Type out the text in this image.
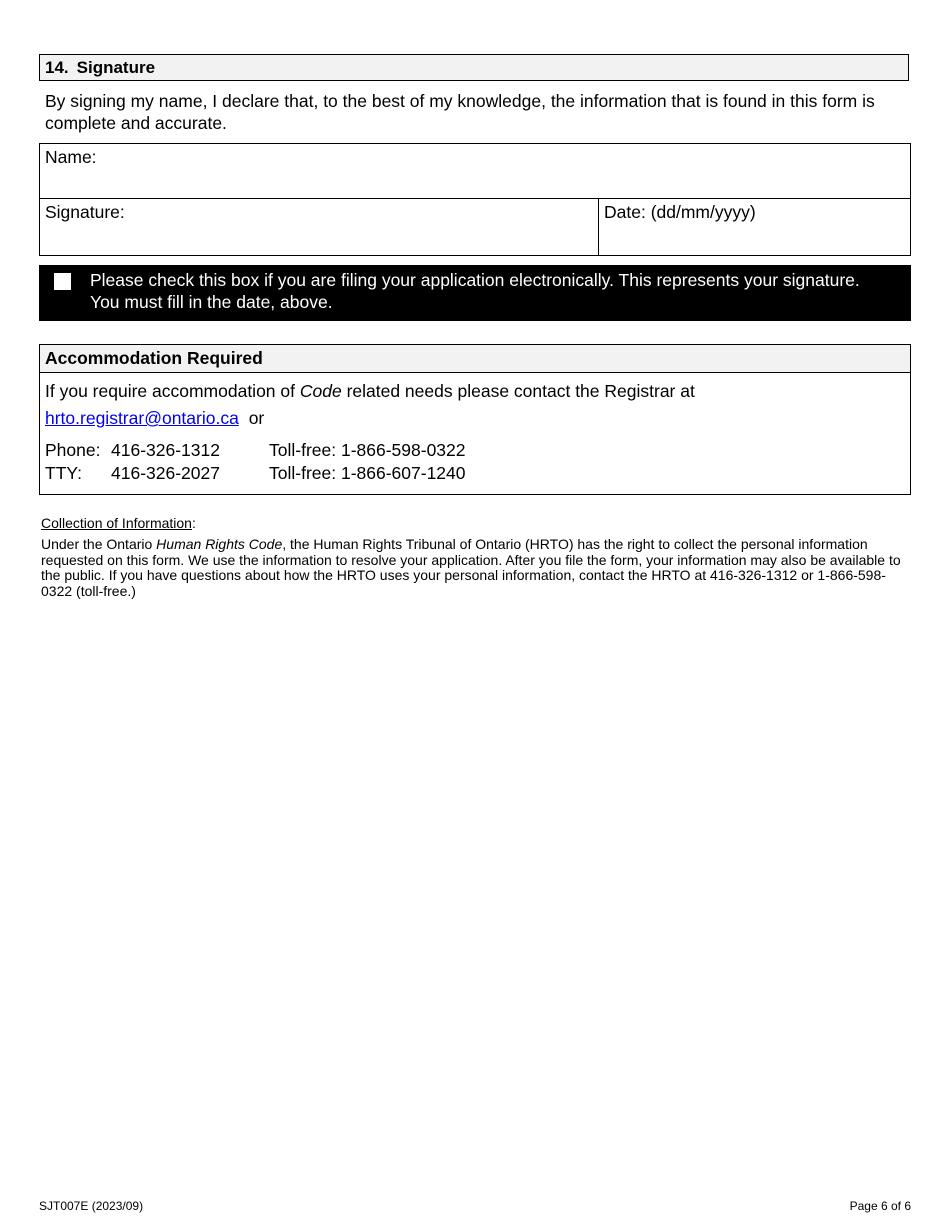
14. Signature
By signing my name, I declare that, to the best of my knowledge, the information that is found in this form is complete and accurate.
Name:
Signature:	Date: (dd/mm/yyyy)
Please check this box if you are filing your application electronically. This represents your signature. You must fill in the date, above.
Accommodation Required
If you require accommodation of Code related needs please contact the Registrar at
hrto.registrar@ontario.ca or
Phone: 416-326-1312	Toll-free: 1-866-598-0322
TTY: 416-326-2027	Toll-free: 1-866-607-1240
Collection of Information:
Under the Ontario Human Rights Code, the Human Rights Tribunal of Ontario (HRTO) has the right to collect the personal information requested on this form. We use the information to resolve your application. After you file the form, your information may also be available to the public. If you have questions about how the HRTO uses your personal information, contact the HRTO at 416-326-1312 or 1-866-598-0322 (toll-free.)
SJT007E (2023/09)	Page 6 of 6
